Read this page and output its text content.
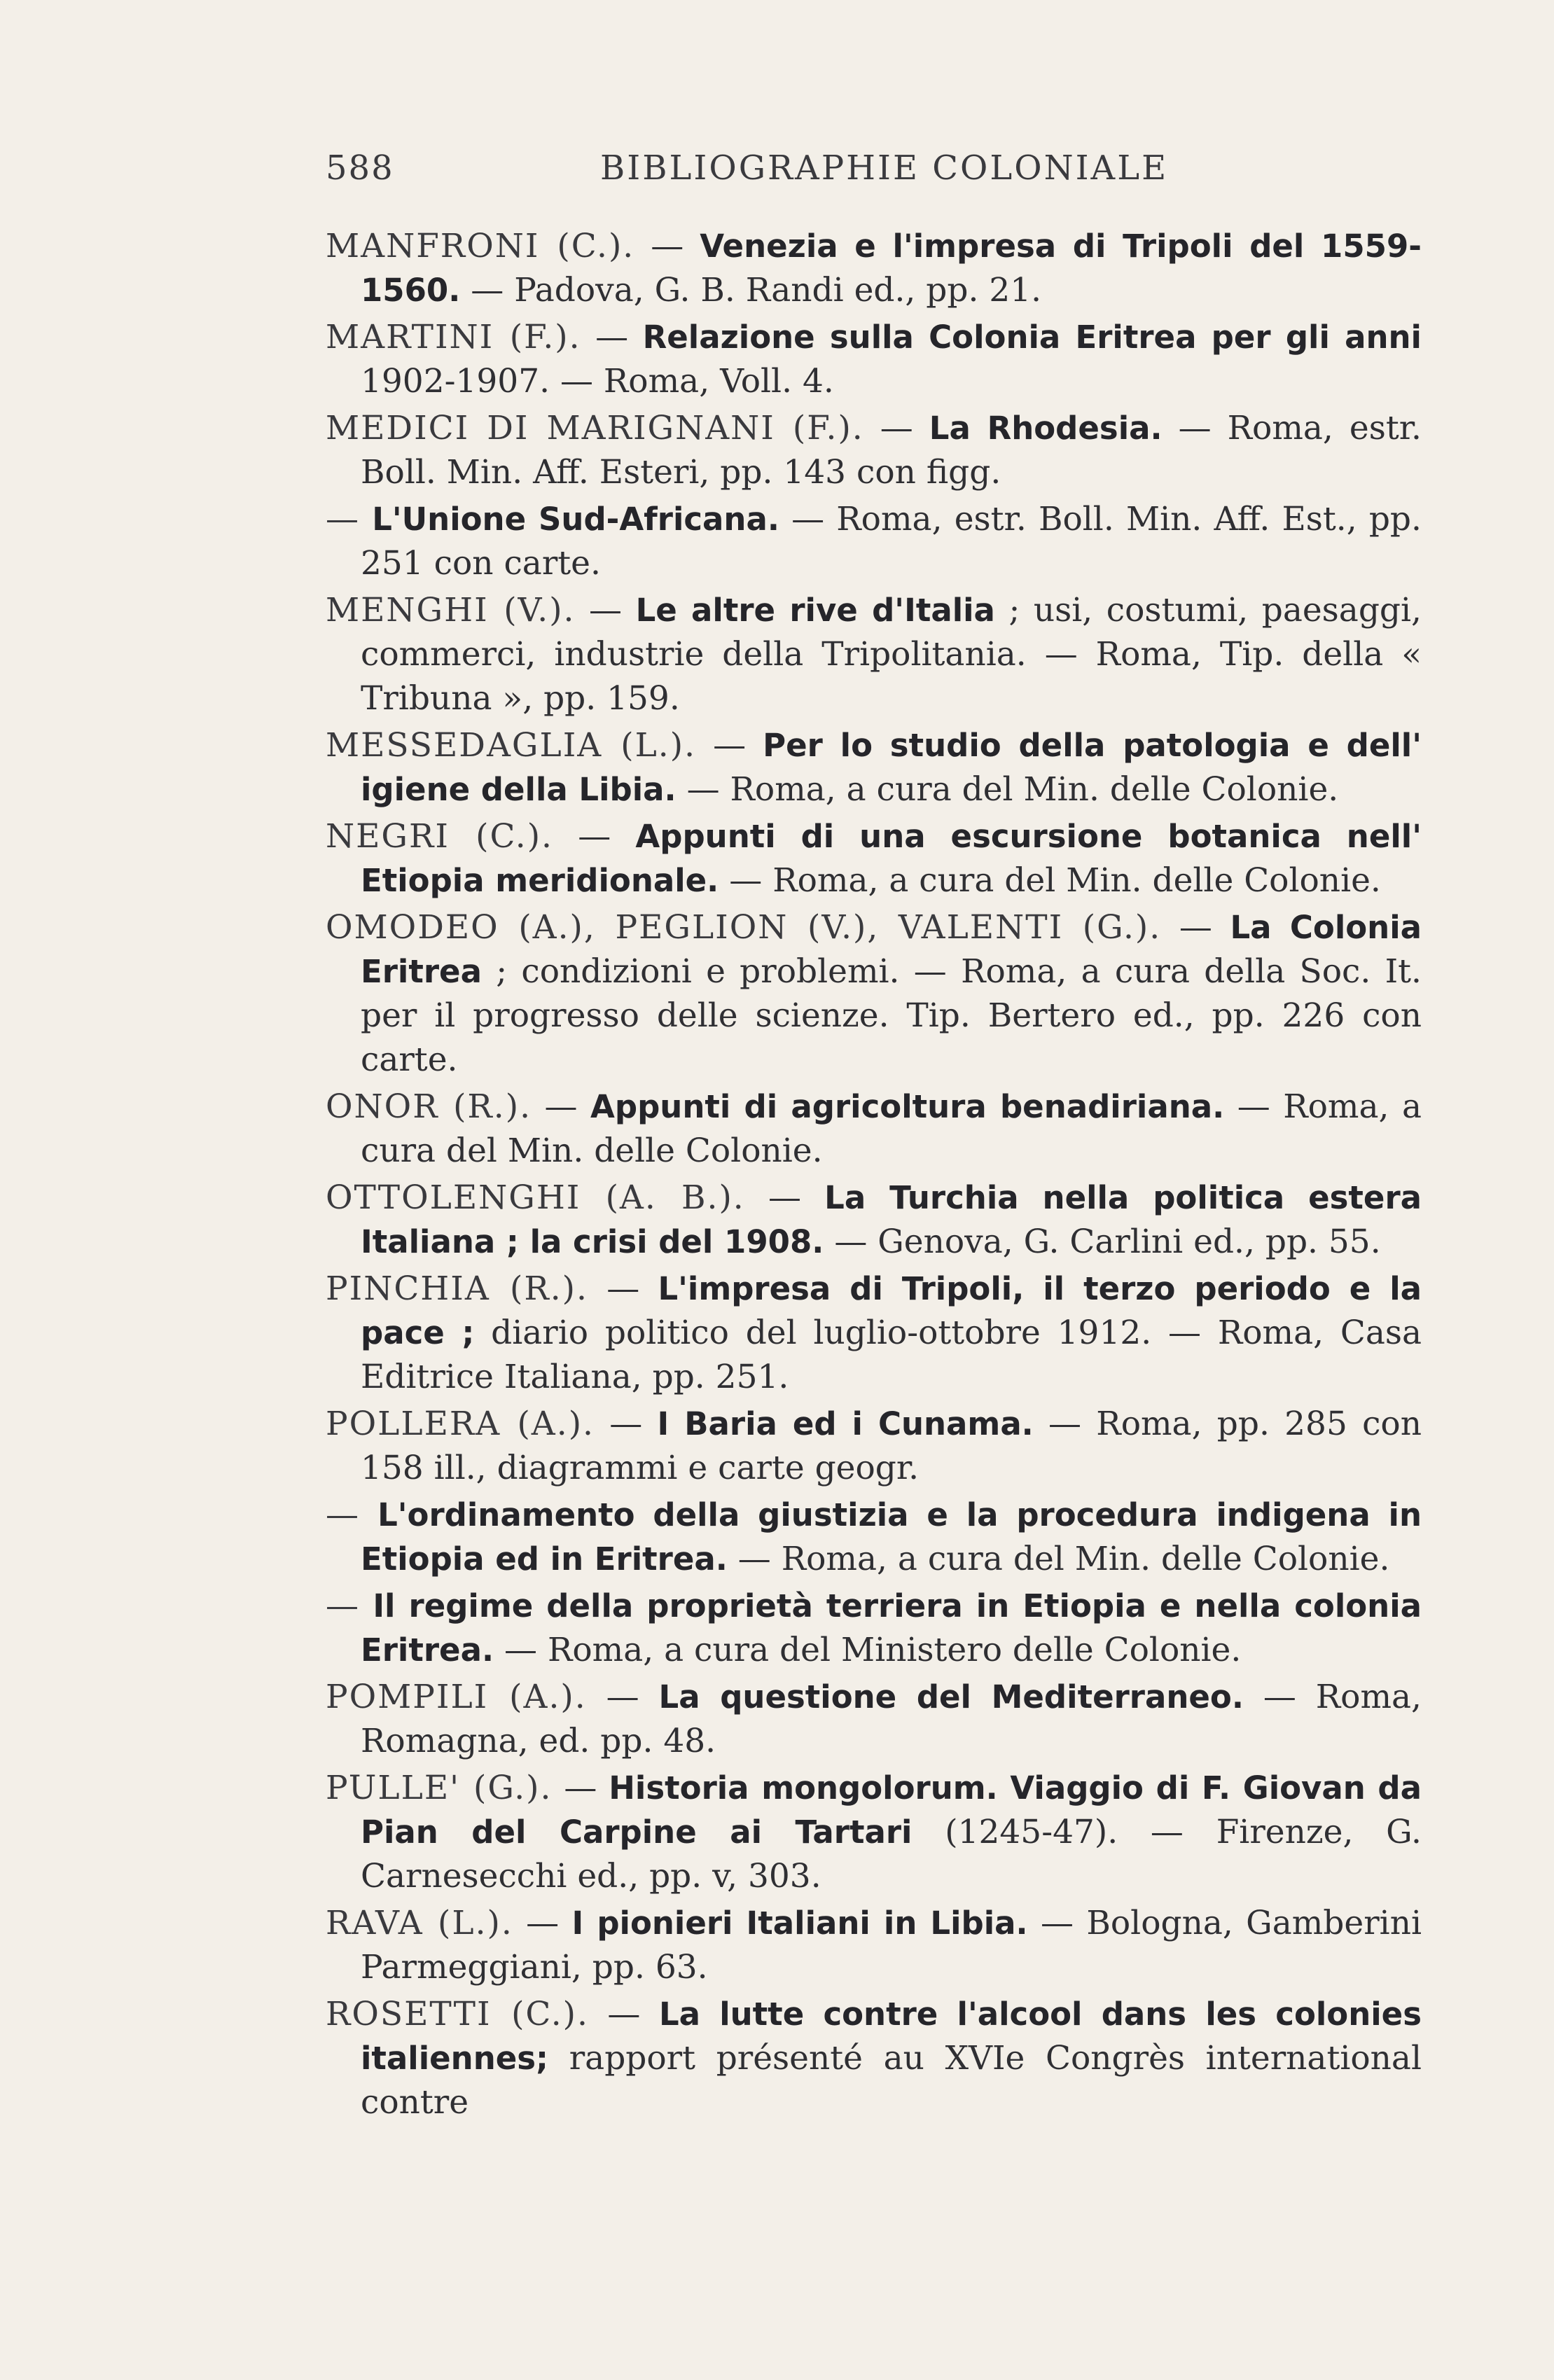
588	BIBLIOGRAPHIE COLONIALE
MANFRONI (C.). — Venezia e l'impresa di Tripoli del 1559-1560. — Padova, G. B. Randi ed., pp. 21.
MARTINI (F.). — Relazione sulla Colonia Eritrea per gli anni 1902-1907. — Roma, Voll. 4.
MEDICI DI MARIGNANI (F.). — La Rhodesia. — Roma, estr. Boll. Min. Aff. Esteri, pp. 143 con figg.
— L'Unione Sud-Africana. — Roma, estr. Boll. Min. Aff. Est., pp. 251 con carte.
MENGHI (V.). — Le altre rive d'Italia ; usi, costumi, paesaggi, commerci, industrie della Tripolitania. — Roma, Tip. della « Tribuna », pp. 159.
MESSEDAGLIA (L.). — Per lo studio della patologia e dell' igiene della Libia. — Roma, a cura del Min. delle Colonie.
NEGRI (C.). — Appunti di una escursione botanica nell' Etiopia meridionale. — Roma, a cura del Min. delle Colonie.
OMODEO (A.), PEGLION (V.), VALENTI (G.). — La Colonia Eritrea ; condizioni e problemi. — Roma, a cura della Soc. It. per il progresso delle scienze. Tip. Bertero ed., pp. 226 con carte.
ONOR (R.). — Appunti di agricoltura benadiriana. — Roma, a cura del Min. delle Colonie.
OTTOLENGHI (A. B.). — La Turchia nella politica estera Italiana ; la crisi del 1908. — Genova, G. Carlini ed., pp. 55.
PINCHIA (R.). — L'impresa di Tripoli, il terzo periodo e la pace ; diario politico del luglio-ottobre 1912. — Roma, Casa Editrice Italiana, pp. 251.
POLLERA (A.). — I Baria ed i Cunama. — Roma, pp. 285 con 158 ill., diagrammi e carte geogr.
— L'ordinamento della giustizia e la procedura indigena in Etiopia ed in Eritrea. — Roma, a cura del Min. delle Colonie.
— Il regime della proprietà terriera in Etiopia e nella colonia Eritrea. — Roma, a cura del Ministero delle Colonie.
POMPILI (A.). — La questione del Mediterraneo. — Roma, Romagna, ed. pp. 48.
PULLE' (G.). — Historia mongolorum. Viaggio di F. Giovan da Pian del Carpine ai Tartari (1245-47). — Firenze, G. Carnesecchi ed., pp. v, 303.
RAVA (L.). — I pionieri Italiani in Libia. — Bologna, Gamberini Parmeggiani, pp. 63.
ROSETTI (C.). — La lutte contre l'alcool dans les colonies italiennes; rapport présenté au XVIe Congrès international contre
